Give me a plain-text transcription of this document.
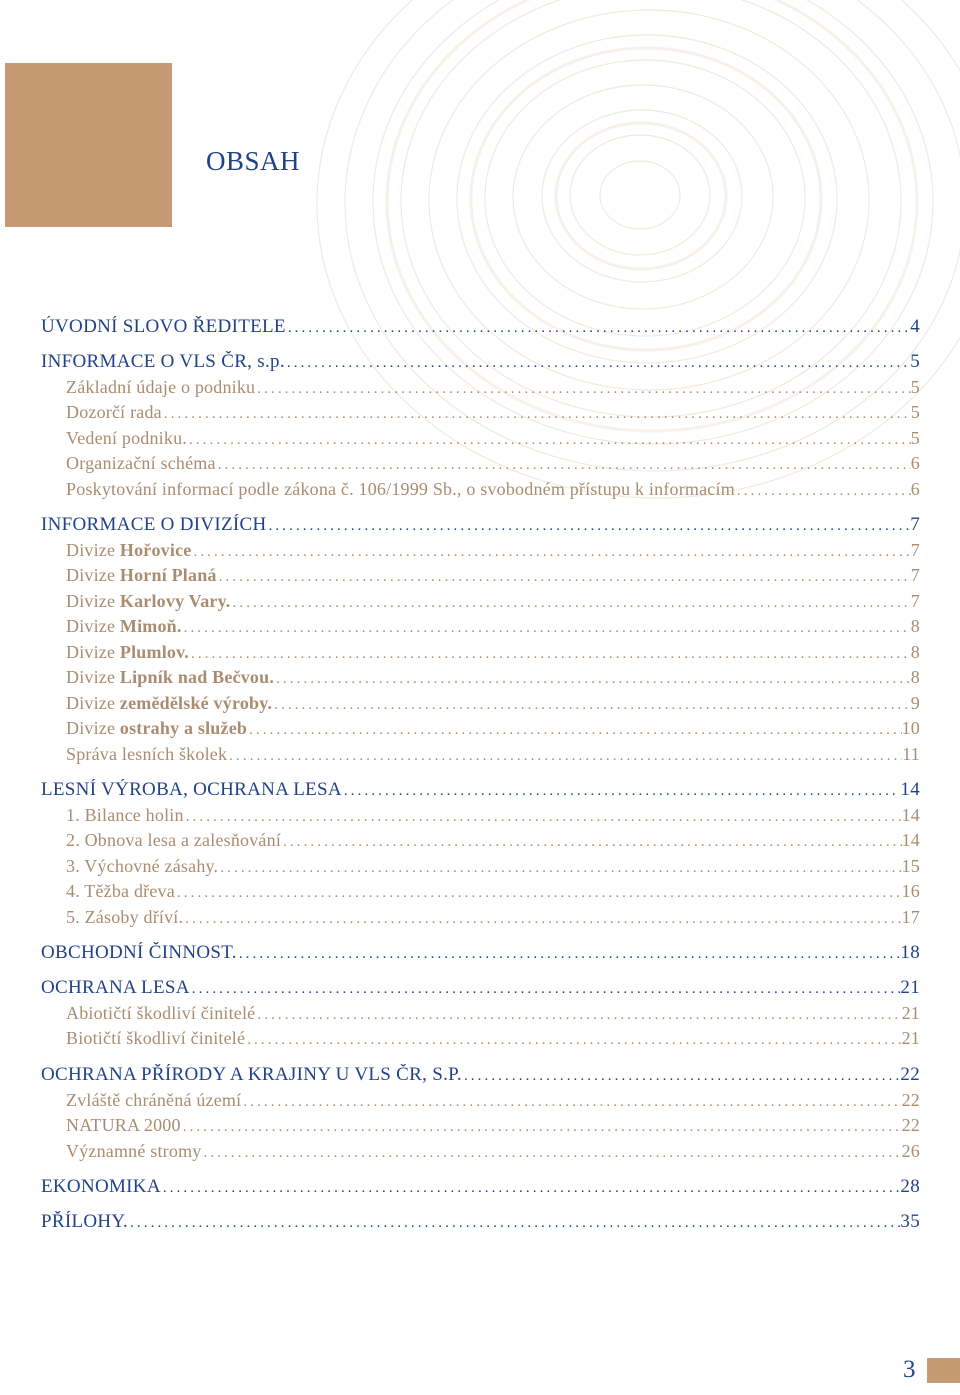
OBSAH
ÚVODNÍ SLOVO ŘEDITELE .....	4
INFORMACE O VLS ČR, s.p. .....	5
Základní údaje o podniku .....	5
Dozorčí rada .....	5
Vedení podniku. .....	5
Organizační schéma .....	6
Poskytování informací podle zákona č. 106/1999 Sb., o svobodném přístupu k informacím .....	6
INFORMACE O DIVIZÍCH .....	7
Divize Hořovice .....	7
Divize Horní Planá .....	7
Divize Karlovy Vary. .....	7
Divize Mimoň. .....	8
Divize Plumlov. .....	8
Divize Lipník nad Bečvou. .....	8
Divize zemědělské výroby. .....	9
Divize ostrahy a služeb .....	10
Správa lesních školek .....	11
LESNÍ VÝROBA, OCHRANA LESA .....	14
1. Bilance holin .....	14
2. Obnova lesa a zalesňování .....	14
3. Výchovné zásahy. .....	15
4. Těžba dřeva .....	16
5. Zásoby dříví. .....	17
OBCHODNÍ ČINNOST. .....	18
OCHRANA LESA .....	21
Abiotičtí škodliví činitelé .....	21
Biotičtí škodliví činitelé .....	21
OCHRANA PŘÍRODY A KRAJINY U VLS ČR, S.P. .....	22
Zvláště chráněná území .....	22
NATURA 2000 .....	22
Významné stromy .....	26
EKONOMIKA .....	28
PŘÍLOHY. .....	35
3
